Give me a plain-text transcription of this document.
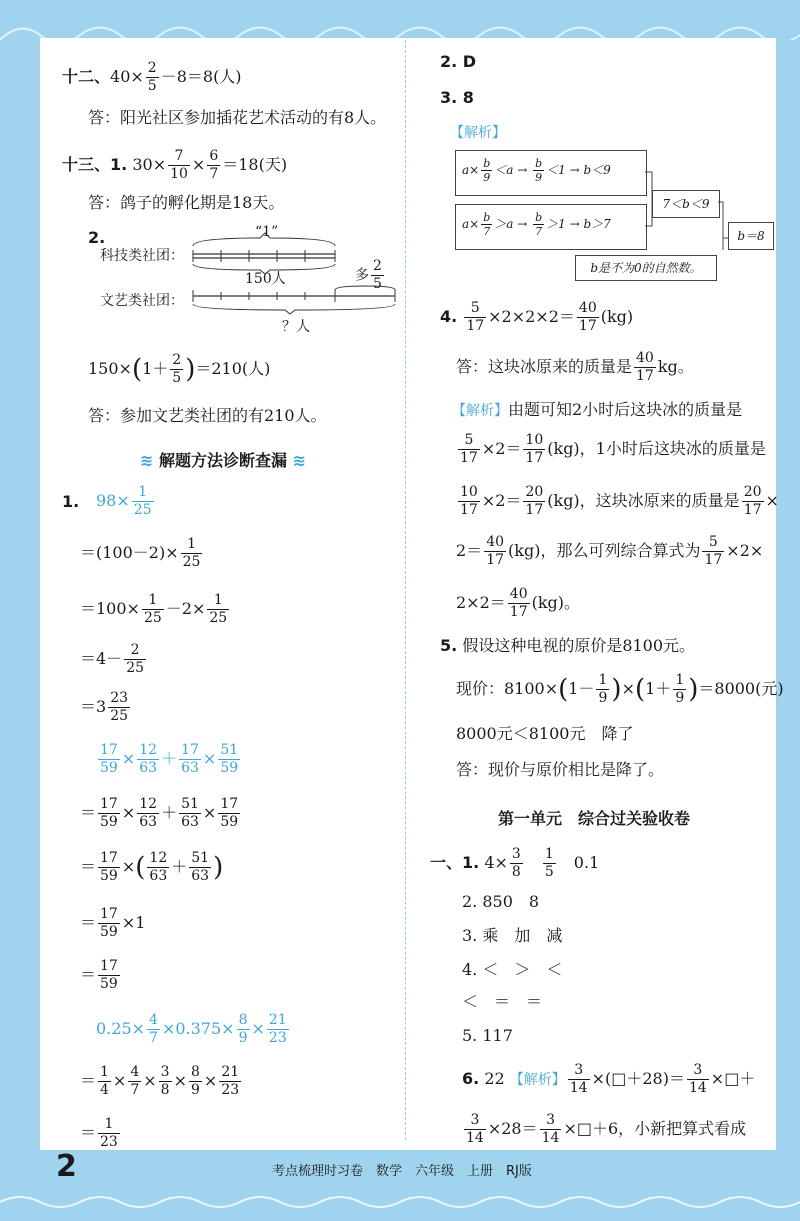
十二、$40\times \frac{2}{5} -8=8$(人)
答：阳光社区参加插花艺术活动的有8人。
十三、1. $30\times \frac{7}{10} \times \frac{6}{7} =18$(天)
答：鸽子的孵化期是18天。
2.
科技类社团：
“1”
150人	多 $\frac{2}{5}$
文艺类社团：
？人
$150\times(1+ \frac{2}{5} )=210$(人)
答：参加文艺类社团的有210人。
≋ 解题方法诊断查漏 ≋
1. $98\times \frac{1}{25}$
$=(100-2)\times \frac{1}{25}$
$=100\times \frac{1}{25} -2\times \frac{1}{25}$
$=4- \frac{2}{25}$
$=3 \frac{23}{25}$
$\frac{17}{59} \times \frac{12}{63} + \frac{17}{63} \times \frac{51}{59}$
＝ $\frac{17}{59} \times \frac{12}{63} + \frac{51}{63} \times \frac{17}{59}$
＝ $\frac{17}{59}$ ×( $\frac{12}{63} + \frac{51}{63}$ )
＝ $\frac{17}{59} \times 1$
＝ $\frac{17}{59}$
$0.25\times \frac{4}{7} \times 0.375\times \frac{8}{9} \times \frac{21}{23}$
＝ $\frac{1}{4} \times \frac{4}{7} \times \frac{3}{8} \times \frac{8}{9} \times \frac{21}{23}$
＝ $\frac{1}{23}$
2. D
3. 8
【解析】
$a\times \frac{b}{9} <a \to \frac{b}{9} <1 \to b<9$
$a\times \frac{b}{7} >a \to \frac{b}{7} >1 \to b>7$
7＜b＜9
b＝8
b是不为0的自然数。
4. $\frac{5}{17} \times 2\times 2\times 2= \frac{40}{17} (kg)$
答：这块冰原来的质量是 $\frac{40}{17}$ kg。
【解析】由题可知2小时后这块冰的质量是
$\frac{5}{17} \times 2= \frac{10}{17} (kg)$，1小时后这块冰的质量是
$\frac{10}{17} \times 2= \frac{20}{17} (kg)$，这块冰原来的质量是 $\frac{20}{17}$ ×
$2= \frac{40}{17} (kg)$，那么可列综合算式为 $\frac{5}{17} \times 2\times$
$2\times 2= \frac{40}{17} (kg)$。
5. 假设这种电视的原价是8100元。
现价：$8100\times(1- \frac{1}{9} )\times(1+ \frac{1}{9} )=8000$(元)
8000元＜8100元　降了
答：现价与原价相比是降了。
第一单元　综合过关验收卷
一、1. $4\times \frac{3}{8}$
　 $\frac{1}{5}$
　 0.1
2. 850　8
3. 乘　加　减
4. ＜　＞　＜
＜　＝　＝
5. 117
6. 22 【解析】 $\frac{3}{14}$ ×(□＋28)＝ $\frac{3}{14}$ ×□＋
$\frac{3}{14} \times 28= \frac{3}{14}$ ×□＋6，小新把算式看成
2	考点梳理时习卷　数学　六年级　上册　RJ版
